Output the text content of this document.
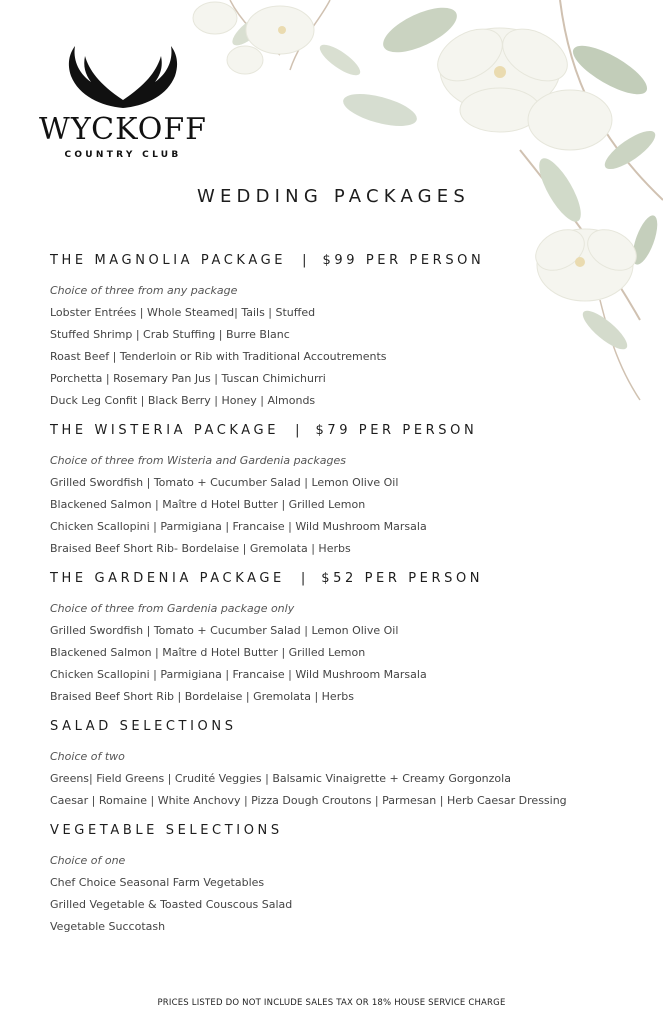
WYCKOFF
COUNTRY CLUB
WEDDING PACKAGES
THE MAGNOLIA PACKAGE | $99 PER PERSON
Choice of three from any package
Lobster Entrées | Whole Steamed| Tails | Stuffed
Stuffed Shrimp | Crab Stuffing | Burre Blanc
Roast Beef | Tenderloin or Rib with Traditional Accoutrements
Porchetta | Rosemary Pan Jus | Tuscan Chimichurri
Duck Leg Confit | Black Berry | Honey | Almonds
THE WISTERIA PACKAGE | $79 PER PERSON
Choice of three from Wisteria and Gardenia packages
Grilled Swordfish | Tomato + Cucumber Salad | Lemon Olive Oil
Blackened Salmon | Maître d Hotel Butter | Grilled Lemon
Chicken Scallopini | Parmigiana | Francaise | Wild Mushroom Marsala
Braised Beef Short Rib- Bordelaise | Gremolata | Herbs
THE GARDENIA PACKAGE | $52 PER PERSON
Choice of three from Gardenia package only
Grilled Swordfish | Tomato + Cucumber Salad | Lemon Olive Oil
Blackened Salmon | Maître d Hotel Butter | Grilled Lemon
Chicken Scallopini | Parmigiana | Francaise | Wild Mushroom Marsala
Braised Beef Short Rib | Bordelaise | Gremolata | Herbs
SALAD SELECTIONS
Choice of two
Greens| Field Greens | Crudité Veggies | Balsamic Vinaigrette + Creamy Gorgonzola
Caesar | Romaine | White Anchovy | Pizza Dough Croutons | Parmesan | Herb Caesar Dressing
VEGETABLE SELECTIONS
Choice of one
Chef Choice Seasonal Farm Vegetables
Grilled Vegetable & Toasted Couscous Salad
Vegetable Succotash
PRICES LISTED DO NOT INCLUDE SALES TAX OR 18% HOUSE SERVICE CHARGE
